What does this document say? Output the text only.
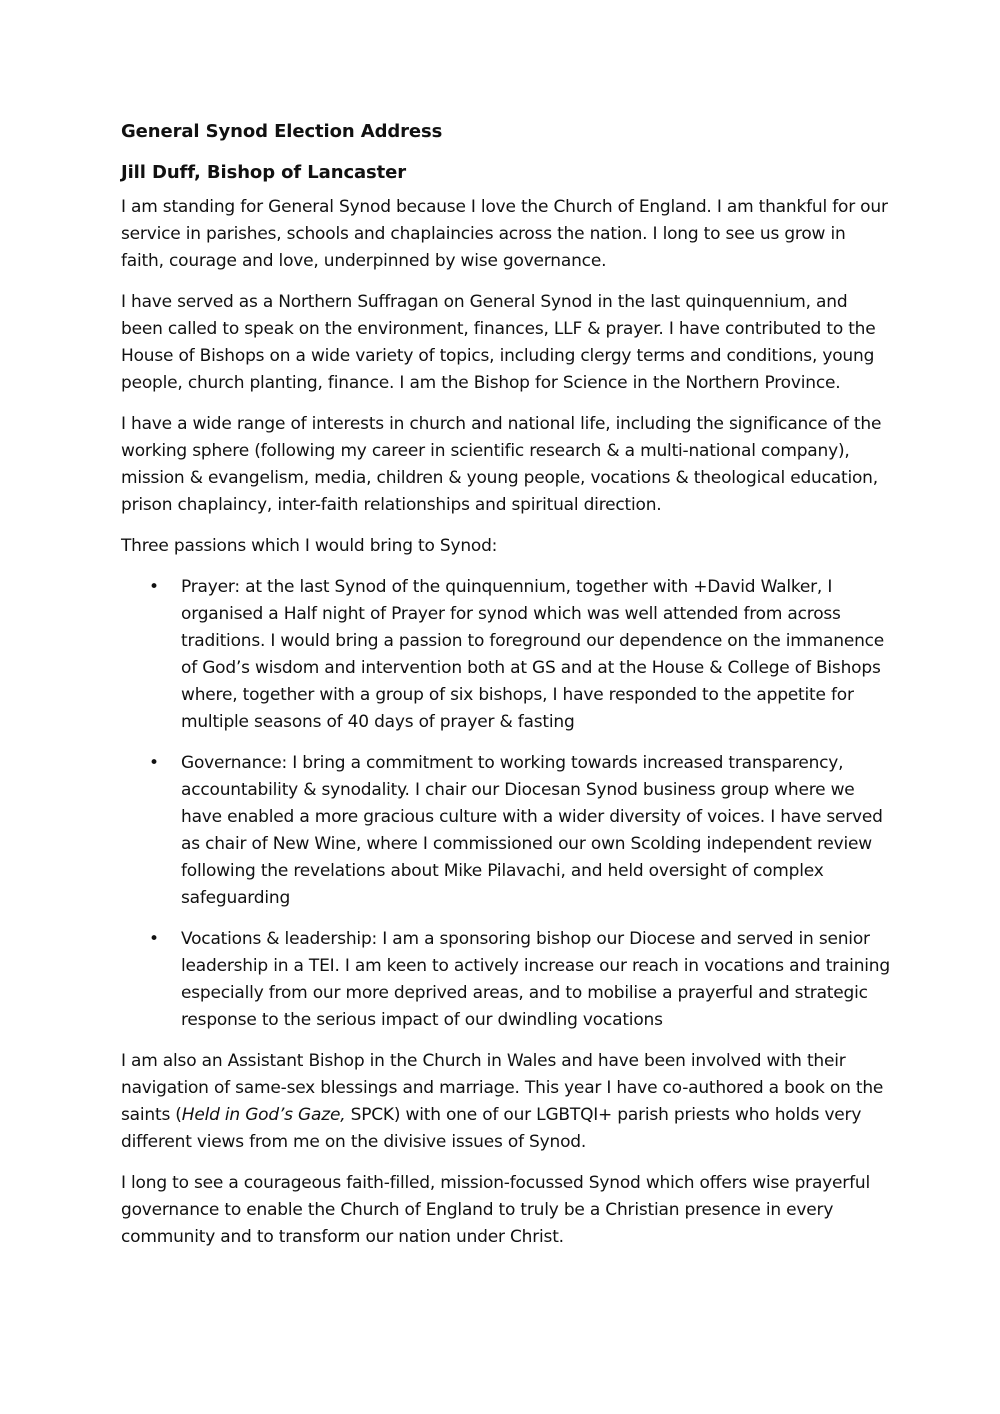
General Synod Election Address
Jill Duff, Bishop of Lancaster

I am standing for General Synod because I love the Church of England. I am thankful for our service in parishes, schools and chaplaincies across the nation. I long to see us grow in faith, courage and love, underpinned by wise governance.

I have served as a Northern Suffragan on General Synod in the last quinquennium, and been called to speak on the environment, finances, LLF & prayer. I have contributed to the House of Bishops on a wide variety of topics, including clergy terms and conditions, young people, church planting, finance. I am the Bishop for Science in the Northern Province.

I have a wide range of interests in church and national life, including the significance of the working sphere (following my career in scientific research & a multi-national company), mission & evangelism, media, children & young people, vocations & theological education, prison chaplaincy, inter-faith relationships and spiritual direction.

Three passions which I would bring to Synod:

• Prayer: at the last Synod of the quinquennium, together with +David Walker, I organised a Half night of Prayer for synod which was well attended from across traditions. I would bring a passion to foreground our dependence on the immanence of God’s wisdom and intervention both at GS and at the House & College of Bishops where, together with a group of six bishops, I have responded to the appetite for multiple seasons of 40 days of prayer & fasting
• Governance: I bring a commitment to working towards increased transparency, accountability & synodality. I chair our Diocesan Synod business group where we have enabled a more gracious culture with a wider diversity of voices. I have served as chair of New Wine, where I commissioned our own Scolding independent review following the revelations about Mike Pilavachi, and held oversight of complex safeguarding
• Vocations & leadership: I am a sponsoring bishop our Diocese and served in senior leadership in a TEI. I am keen to actively increase our reach in vocations and training especially from our more deprived areas, and to mobilise a prayerful and strategic response to the serious impact of our dwindling vocations

I am also an Assistant Bishop in the Church in Wales and have been involved with their navigation of same-sex blessings and marriage. This year I have co-authored a book on the saints (Held in God’s Gaze, SPCK) with one of our LGBTQI+ parish priests who holds very different views from me on the divisive issues of Synod.

I long to see a courageous faith-filled, mission-focussed Synod which offers wise prayerful governance to enable the Church of England to truly be a Christian presence in every community and to transform our nation under Christ.
